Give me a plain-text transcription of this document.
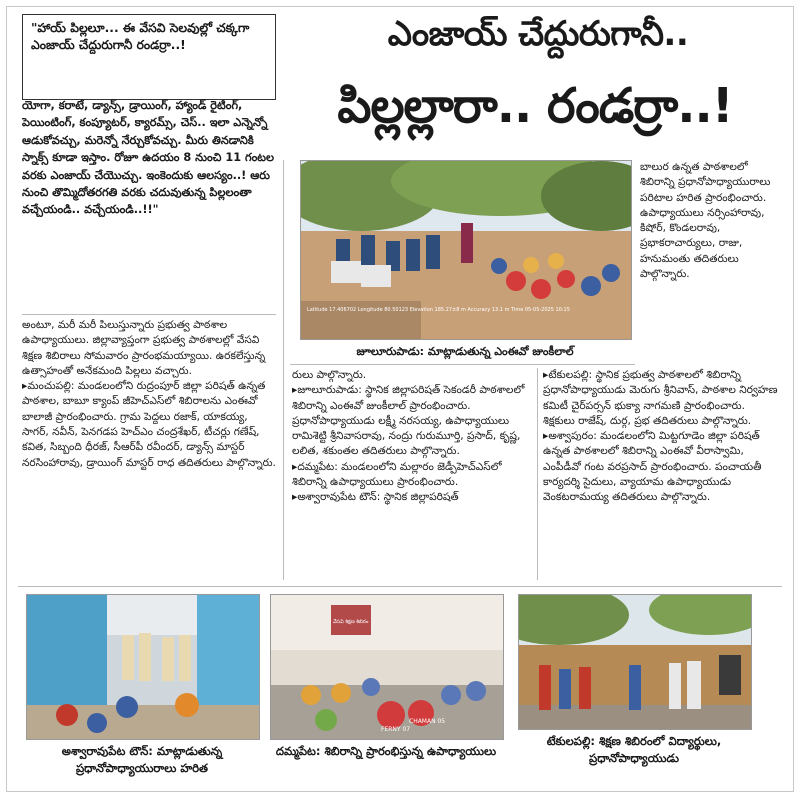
"హాయ్ పిల్లలూ... ఈ వేసవి సెలవుల్లో చక్కగా ఎంజాయ్ చేద్దురుగానీ రండర్రా..!
యోగా, కరాటే, డ్యాన్స్, డ్రాయింగ్, హ్యాండ్ రైటింగ్, పెయింటింగ్, కంప్యూటర్, క్యారమ్స్, చెస్.. ఇలా ఎన్నెన్నో ఆడుకోవచ్చు, మరెన్నో నేర్చుకోవచ్చు. మీరు తినడానికి స్నాక్స్ కూడా ఇస్తాం. రోజూ ఉదయం 8 నుంచి 11 గంటల వరకు ఎంజాయ్ చేయొచ్చు. ఇంకెందుకు ఆలస్యం..! ఆరు నుంచి తొమ్మిదోతరగతి వరకు చదువుతున్న పిల్లలంతా వచ్చేయండి.. వచ్చేయండి..!!"
ఎంజాయ్ చేద్దురుగానీ..
పిల్లల్లారా.. రండర్రా..!

అంటూ, మరీ మరీ పిలుస్తున్నారు ప్రభుత్వ పాఠశాల ఉపాధ్యాయులు. జిల్లావ్యాప్తంగా ప్రభుత్వ పాఠశాలల్లో వేసవి శిక్షణ శిబిరాలు సోమవారం ప్రారంభమయ్యాయి. ఉరకలేస్తున్న ఉత్సాహంతో అనేకమంది పిల్లలు వచ్చారు.

▸ మంచుపల్లి: మండలంలోని రుద్రంపూర్ జిల్లా పరిషత్ ఉన్నత పాఠశాల, బాబూ క్యాంప్ జీహెచ్ఎస్‌లో శిబిరాలను ఎంఈవో బాలాజీ ప్రారంభించారు. గ్రామ పెద్దలు రజాక్, యాకయ్య, సాగర్, నవీన్, పెనగడప హెచ్ఎం చంద్రశేఖర్, టీచర్లు గణేష్, కవిత, సిబ్బంది ధీరజ్, సీఆర్‌పీ రవీందర్, డ్యాన్స్ మాస్టర్ నరసింహారావు, డ్రాయింగ్ మాస్టర్ రాధ తదితరులు పాల్గొన్నారు.

Latitude 17.406702 Longitude 80.50123 Elevation 185.27±8 m Accuracy 13.1 m Time 05-05-2025 10:15
జూలూరుపాడు: మాట్లాడుతున్న ఎంఈవో జుంకీలాల్

రులు పాల్గొన్నారు.

▸ జూలూరుపాడు: స్థానిక జిల్లాపరిషత్ సెకండరీ పాఠశాలలో శిబిరాన్ని ఎంఈవో జుంకీలాల్ ప్రారంభించారు. ప్రధానోపాధ్యాయుడు లక్ష్మీ నరసయ్య, ఉపాధ్యాయులు రామిశెట్టి శ్రీనివాసరావు, నంద్రు గురుమూర్తి, ప్రసాద్, కృష్ణ, లలిత, శకుంతల తదితరులు పాల్గొన్నారు.

▸ దమ్మపేట: మండలంలోని మల్లారం జెడ్పీహెచ్ఎస్‌లో శిబిరాన్ని ఉపాధ్యాయులు ప్రారంభించారు.

▸ అశ్వారావుపేట టౌన్: స్థానిక జిల్లాపరిషత్

బాలుర ఉన్నత పాఠశాలలో శిబిరాన్ని ప్రధానోపాధ్యాయురాలు పరిటాల హరిత ప్రారంభించారు. ఉపాధ్యాయులు నర్సింహారావు, కిషోర్, కొండలరావు, ప్రభాకరాచార్యులు, రాజు, హనుమంతు తదితరులు పాల్గొన్నారు.

▸ టేకులపల్లి: స్థానిక ప్రభుత్వ పాఠశాలలో శిబిరాన్ని ప్రధానోపాధ్యాయుడు మెరుగు శ్రీనివాస్, పాఠశాల నిర్వహణ కమిటీ చైర్‌పర్సన్ భుక్యా నాగమణి ప్రారంభించారు. శిక్షకులు రాజేష్, దుర్గ, ప్రభ తదితరులు పాల్గొన్నారు.

▸ అశ్వాపురం: మండలంలోని మిట్టగూడెం జిల్లా పరిషత్ ఉన్నత పాఠశాలలో శిబిరాన్ని ఎంఈవో వీరాస్వామి, ఎంపీడీవో గంట వరప్రసాద్ ప్రారంభించారు. పంచాయతీ కార్యదర్శి సైదులు, వ్యాయామ ఉపాధ్యాయుడు వెంకటరామయ్య తదితరులు పాల్గొన్నారు.

వేసవి శిక్షణ శిబిరం
FERNY 07
CHAMAN 05
అశ్వారావుపేట టౌన్: మాట్లాడుతున్న ప్రధానోపాధ్యాయురాలు హరిత
దమ్మపేట: శిబిరాన్ని ప్రారంభిస్తున్న ఉపాధ్యాయులు
టేకులపల్లి: శిక్షణ శిబిరంలో విద్యార్థులు, ప్రధానోపాధ్యాయుడు
